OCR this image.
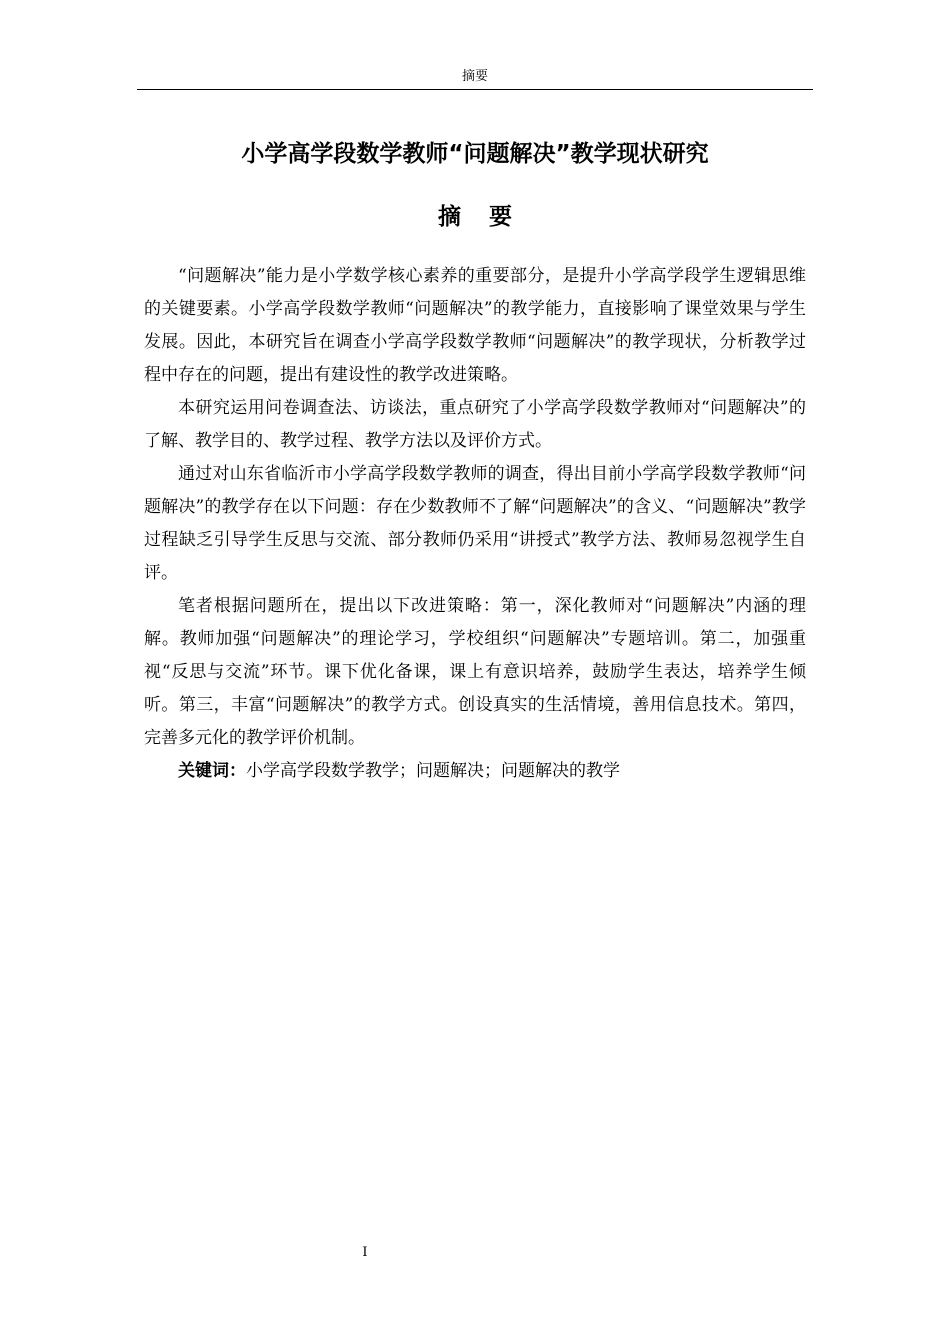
摘要
小学高学段数学教师“问题解决”教学现状研究
摘要

“问题解决”能力是小学数学核心素养的重要部分，是提升小学高学段学生逻辑思维的关键要素。小学高学段数学教师“问题解决”的教学能力，直接影响了课堂效果与学生发展。因此，本研究旨在调查小学高学段数学教师“问题解决”的教学现状，分析教学过程中存在的问题，提出有建设性的教学改进策略。

本研究运用问卷调查法、访谈法，重点研究了小学高学段数学教师对“问题解决”的了解、教学目的、教学过程、教学方法以及评价方式。

通过对山东省临沂市小学高学段数学教师的调查，得出目前小学高学段数学教师“问题解决”的教学存在以下问题：存在少数教师不了解“问题解决”的含义、“问题解决”教学过程缺乏引导学生反思与交流、部分教师仍采用“讲授式”教学方法、教师易忽视学生自评。

笔者根据问题所在，提出以下改进策略：第一，深化教师对“问题解决”内涵的理解。教师加强“问题解决”的理论学习，学校组织“问题解决”专题培训。第二，加强重视“反思与交流”环节。课下优化备课，课上有意识培养，鼓励学生表达，培养学生倾听。第三，丰富“问题解决”的教学方式。创设真实的生活情境，善用信息技术。第四，完善多元化的教学评价机制。

关键词：小学高学段数学教学；问题解决；问题解决的教学

I
